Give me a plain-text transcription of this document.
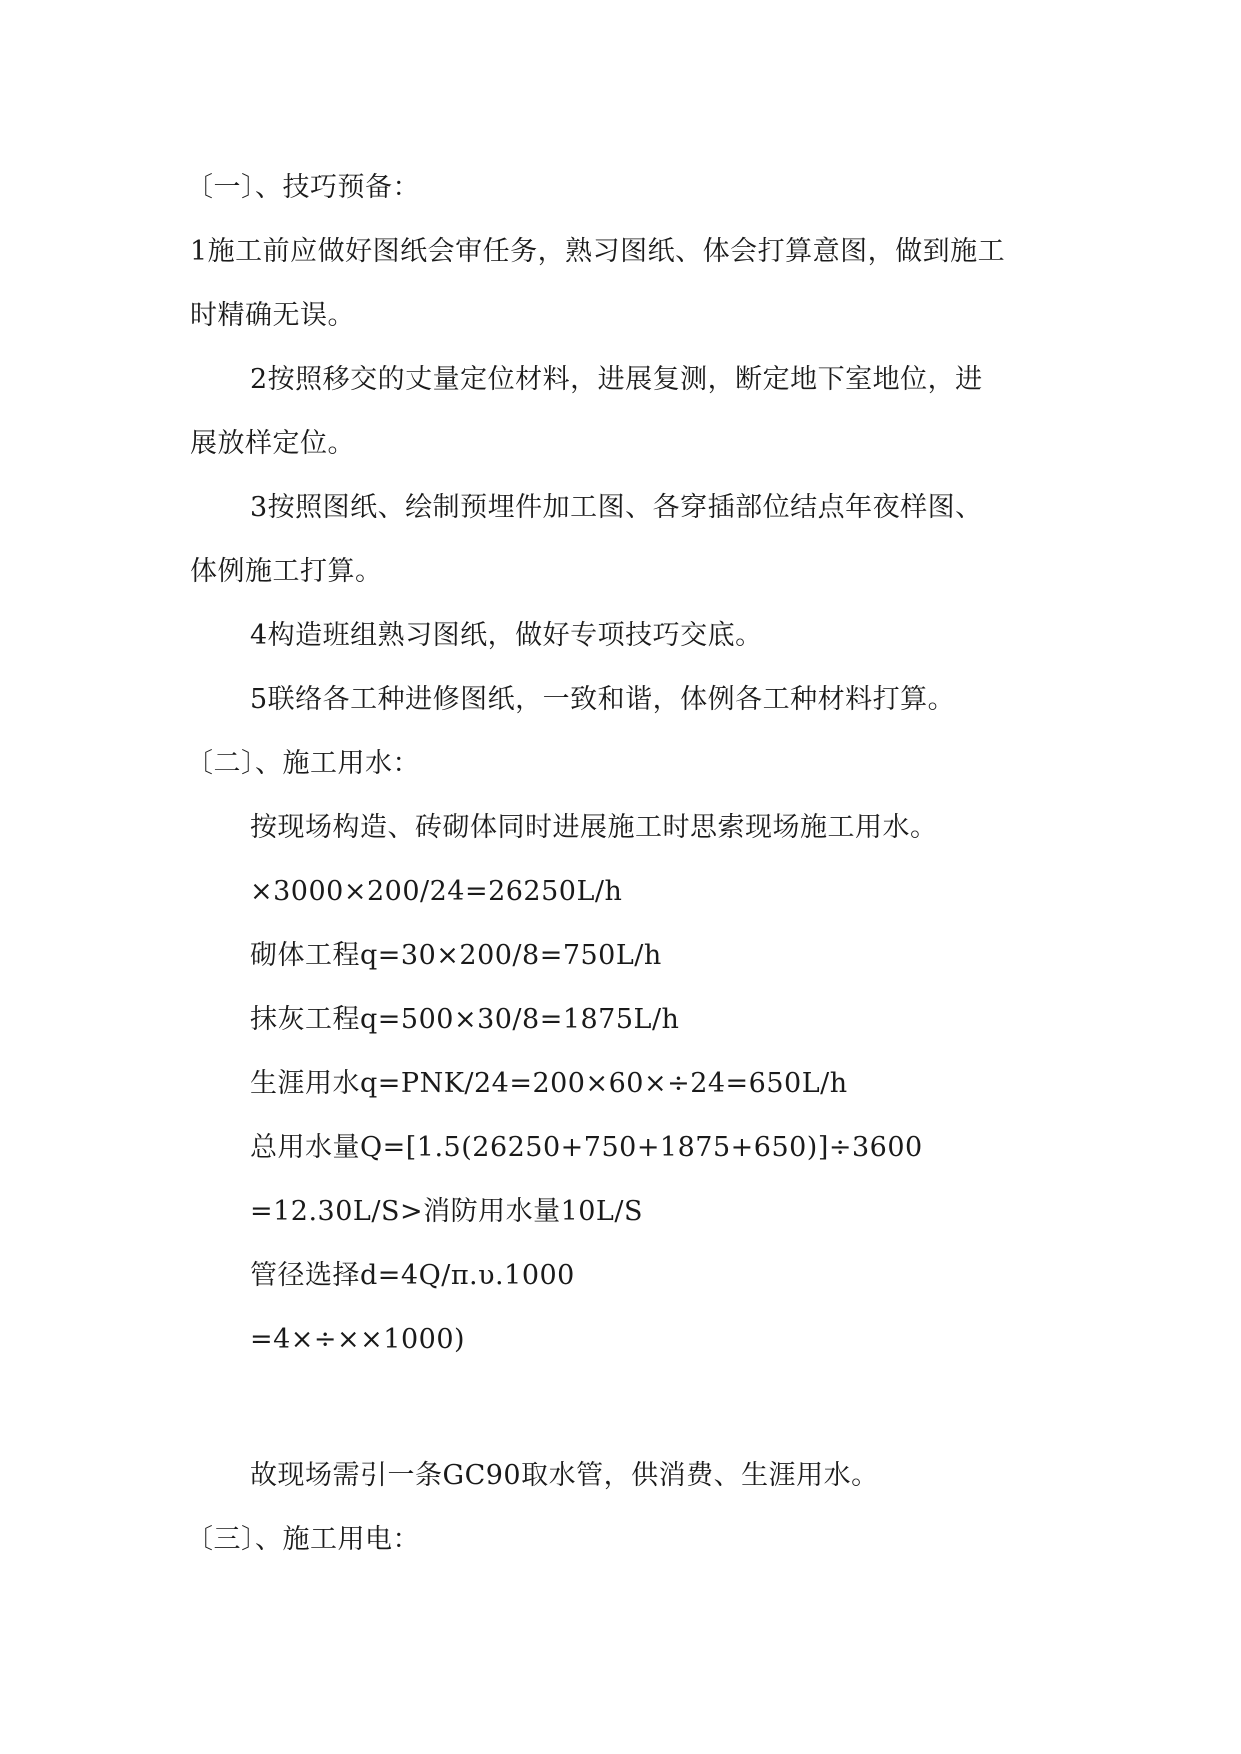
〔一〕、技巧预备：
1施工前应做好图纸会审任务，熟习图纸、体会打算意图，做到施工
时精确无误。
2按照移交的丈量定位材料，进展复测，断定地下室地位，进
展放样定位。
3按照图纸、绘制预埋件加工图、各穿插部位结点年夜样图、
体例施工打算。
4构造班组熟习图纸，做好专项技巧交底。
5联络各工种进修图纸，一致和谐，体例各工种材料打算。
〔二〕、施工用水：
按现场构造、砖砌体同时进展施工时思索现场施工用水。
×3000×200/24=26250L/h
砌体工程q=30×200/8=750L/h
抹灰工程q=500×30/8=1875L/h
生涯用水q=PNK/24=200×60×÷24=650L/h
总用水量Q=[1.5(26250+750+1875+650)]÷3600
=12.30L/S>消防用水量10L/S
管径选择d=4Q/π.υ.1000
=4×÷××1000)
故现场需引一条GC90取水管，供消费、生涯用水。
〔三〕、施工用电：
